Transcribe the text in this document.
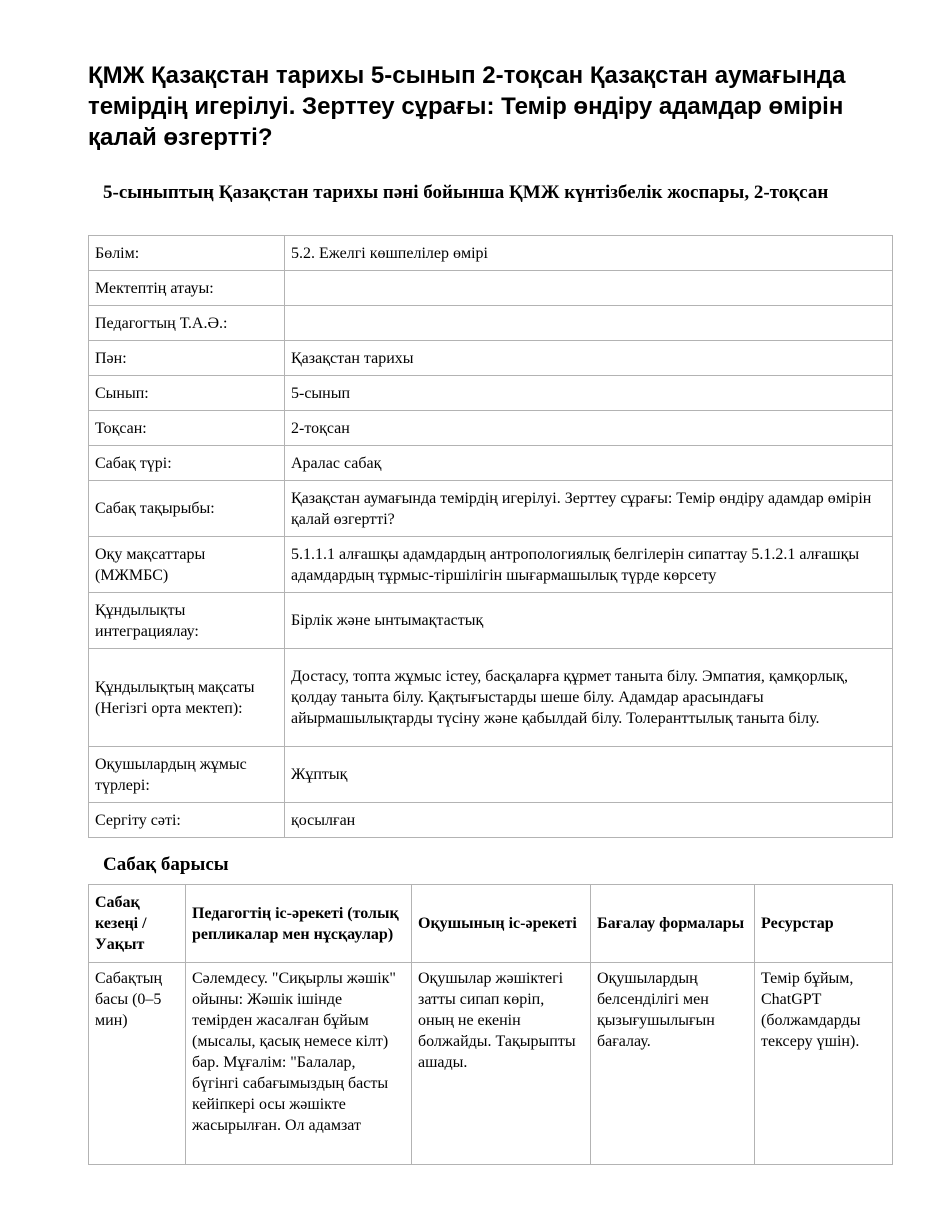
ҚМЖ Қазақстан тарихы 5-сынып 2-тоқсан Қазақстан аумағында темірдің игерілуі. Зерттеу сұрағы: Темір өндіру адамдар өмірін қалай өзгертті?
5-сыныптың Қазақстан тарихы пәні бойынша ҚМЖ күнтізбелік жоспары, 2-тоқсан
Бөлім:	5.2. Ежелгі көшпелілер өмірі
Мектептің атауы:	
Педагогтың Т.А.Ә.:	
Пән:	Қазақстан тарихы
Сынып:	5-сынып
Тоқсан:	2-тоқсан
Сабақ түрі:	Аралас сабақ
Сабақ тақырыбы:	Қазақстан аумағында темірдің игерілуі. Зерттеу сұрағы: Темір өндіру адамдар өмірін қалай өзгертті?
Оқу мақсаттары (МЖМБС)	5.1.1.1 алғашқы адамдардың антропологиялық белгілерін сипаттау 5.1.2.1 алғашқы адамдардың тұрмыс-тіршілігін шығармашылық түрде көрсету
Құндылықты интеграциялау:	Бірлік және ынтымақтастық
Құндылықтың мақсаты (Негізгі орта мектеп):	Достасу, топта жұмыс істеу, басқаларға құрмет таныта білу. Эмпатия, қамқорлық, қолдау таныта білу. Қақтығыстарды шеше білу. Адамдар арасындағы айырмашылықтарды түсіну және қабылдай білу. Толеранттылық таныта білу.
Оқушылардың жұмыс түрлері:	Жұптық
Сергіту сәті:	қосылған
Сабақ барысы
Сабақ кезеңі / Уақыт	Педагогтің іс-әрекеті (толық репликалар мен нұсқаулар)	Оқушының іс-әрекеті	Бағалау формалары	Ресурстар
Сабақтың басы (0–5 мин)	Сәлемдесу. "Сиқырлы жәшік" ойыны: Жәшік ішінде темірден жасалған бұйым (мысалы, қасық немесе кілт) бар. Мұғалім: "Балалар, бүгінгі сабағымыздың басты кейіпкері осы жәшікте жасырылған. Ол адамзат	Оқушылар жәшіктегі затты сипап көріп, оның не екенін болжайды. Тақырыпты ашады.	Оқушылардың белсенділігі мен қызығушылығын бағалау.	Темір бұйым, ChatGPT (болжамдарды тексеру үшін).
